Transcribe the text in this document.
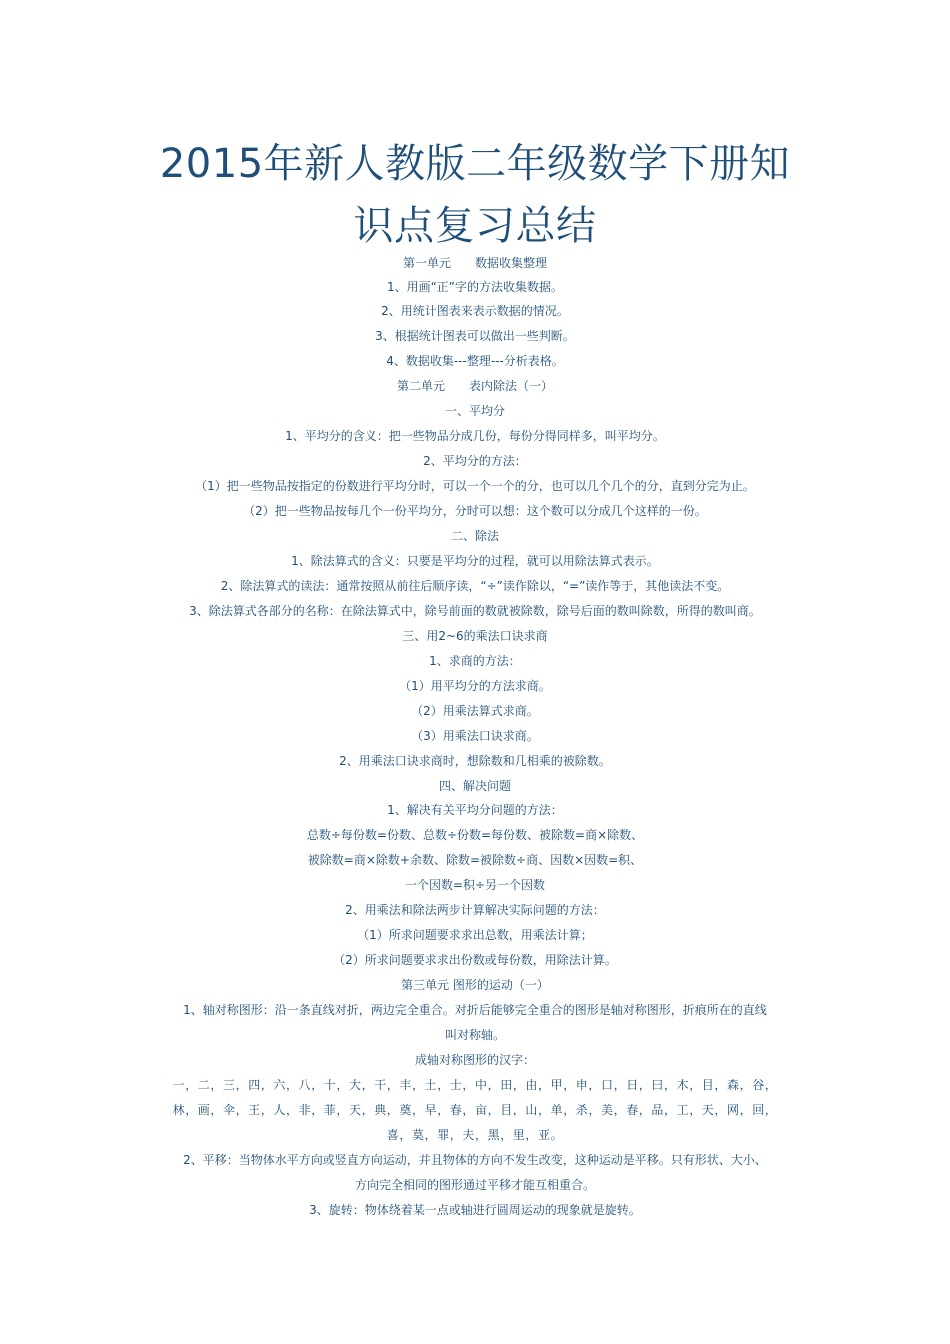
2015年新人教版二年级数学下册知
识点复习总结

第一单元　　数据收集整理

1、用画“正”字的方法收集数据。

2、用统计图表来表示数据的情况。

3、根据统计图表可以做出一些判断。

4、数据收集---整理---分析表格。

第二单元　　表内除法（一）

一、平均分

1、平均分的含义：把一些物品分成几份，每份分得同样多，叫平均分。

2、平均分的方法：

（1）把一些物品按指定的份数进行平均分时，可以一个一个的分，也可以几个几个的分，直到分完为止。

（2）把一些物品按每几个一份平均分，分时可以想：这个数可以分成几个这样的一份。

二、除法

1、除法算式的含义：只要是平均分的过程，就可以用除法算式表示。

2、除法算式的读法：通常按照从前往后顺序读，“÷”读作除以，“=”读作等于，其他读法不变。

3、除法算式各部分的名称：在除法算式中，除号前面的数就被除数，除号后面的数叫除数，所得的数叫商。

三、用2~6的乘法口诀求商

1、求商的方法：

（1）用平均分的方法求商。

（2）用乘法算式求商。

（3）用乘法口诀求商。

2、用乘法口诀求商时，想除数和几相乘的被除数。

四、解决问题

1、解决有关平均分问题的方法：

总数÷每份数=份数、总数÷份数=每份数、被除数=商×除数、

被除数=商×除数+余数、除数=被除数÷商、因数×因数=积、

一个因数=积÷另一个因数

2、用乘法和除法两步计算解决实际问题的方法：

（1）所求问题要求求出总数，用乘法计算；

（2）所求问题要求求出份数或每份数，用除法计算。

第三单元 图形的运动（一）

1、轴对称图形：沿一条直线对折，两边完全重合。对折后能够完全重合的图形是轴对称图形，折痕所在的直线

叫对称轴。

成轴对称图形的汉字：

一，二，三，四，六，八，十，大，干，丰，土，士，中，田，由，甲，申，口，日，曰，木，目，森，谷，

林，画，伞，王，人，非，菲，天，典，奠，早，春，亩，目，山，单，杀，美，春，品，工，天，网，回，

喜，莫，罪，夫，黑，里，亚。

2、平移：当物体水平方向或竖直方向运动，并且物体的方向不发生改变，这种运动是平移。只有形状、大小、

方向完全相同的图形通过平移才能互相重合。

3、旋转：物体绕着某一点或轴进行圆周运动的现象就是旋转。
